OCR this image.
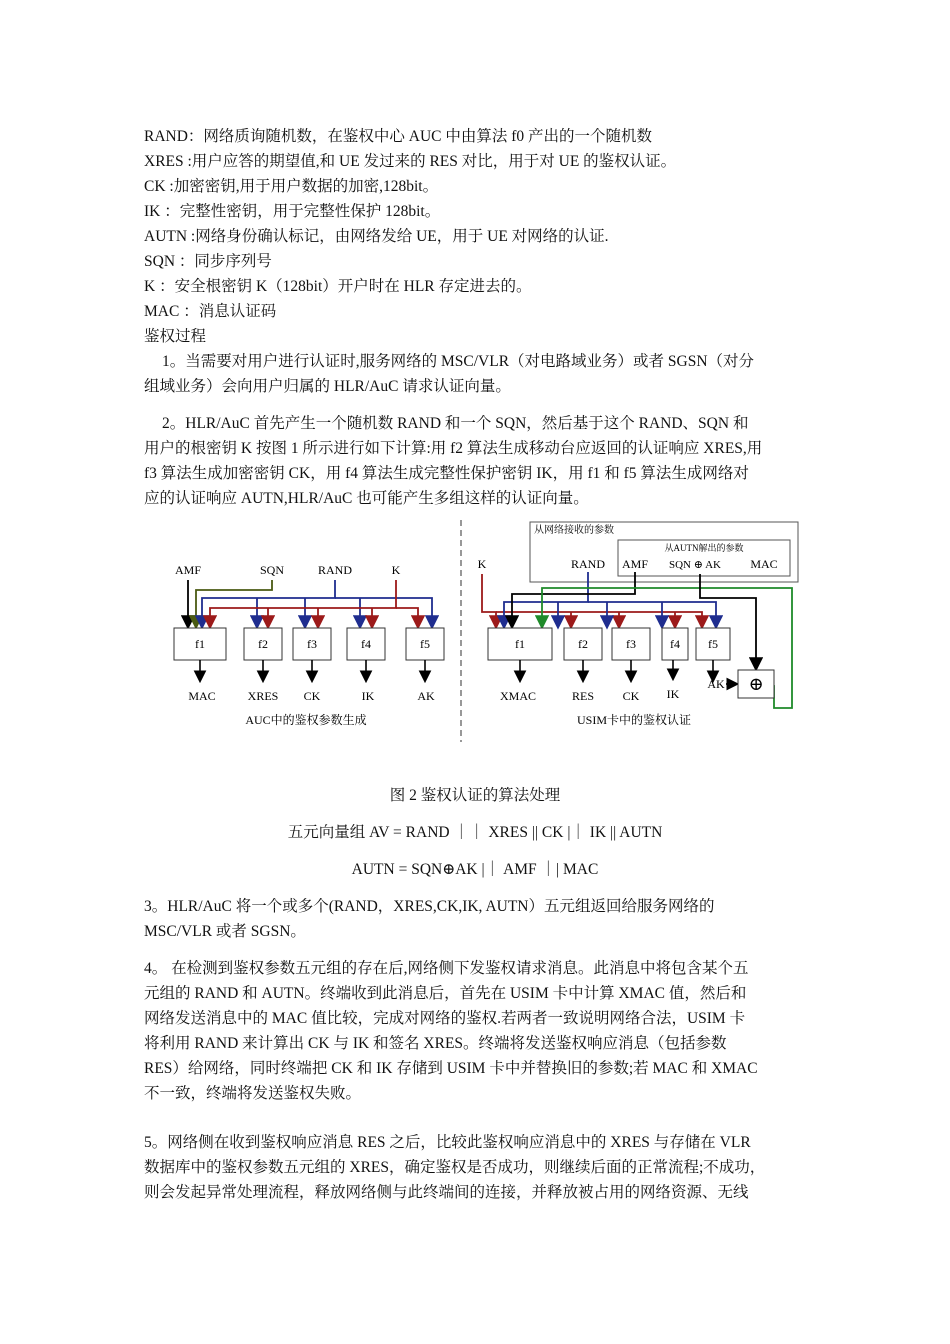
RAND：网络质询随机数，在鉴权中心 AUC 中由算法 f0 产出的一个随机数
XRES :用户应答的期望值,和 UE 发过来的 RES 对比，用于对 UE 的鉴权认证。
CK :加密密钥,用于用户数据的加密,128bit。
IK ：完整性密钥，用于完整性保护 128bit。
AUTN :网络身份确认标记，由网络发给 UE，用于 UE 对网络的认证.
SQN ：同步序列号
K ：安全根密钥 K（128bit）开户时在 HLR 存定进去的。
MAC ：消息认证码
鉴权过程
1。当需要对用户进行认证时,服务网络的 MSC/VLR（对电路域业务）或者 SGSN（对分
组域业务）会向用户归属的 HLR/AuC 请求认证向量。
2。HLR/AuC 首先产生一个随机数 RAND 和一个 SQN，然后基于这个 RAND、SQN 和
用户的根密钥 K 按图 1 所示进行如下计算:用 f2 算法生成移动台应返回的认证响应 XRES,用
f3 算法生成加密密钥 CK，用 f4 算法生成完整性保护密钥 IK，用 f1 和 f5 算法生成网络对
应的认证响应 AUTN,HLR/AuC 也可能产生多组这样的认证向量。
AMF	SQN	RAND	K
f1	f2	f3	f4	f5
MAC	XRES CK	IK	AK
AUC中的鉴权参数生成
从网络接收的参数
从AUTN解出的参数
RAND AMF SQN ⊕ AK MAC
K
f1	f2	f3	f4 f5
XMAC	RES CK IK
AK ⊕
USIM卡中的鉴权认证
图 2 鉴权认证的算法处理
五元向量组 AV = RAND ｜｜ XRES || CK |｜ IK || AUTN
AUTN = SQN⊕AK |｜ AMF ｜| MAC
3。HLR/AuC 将一个或多个(RAND，XRES,CK,IK, AUTN）五元组返回给服务网络的
MSC/VLR 或者 SGSN。
4。 在检测到鉴权参数五元组的存在后,网络侧下发鉴权请求消息。此消息中将包含某个五
元组的 RAND 和 AUTN。终端收到此消息后，首先在 USIM 卡中计算 XMAC 值，然后和
网络发送消息中的 MAC 值比较，完成对网络的鉴权.若两者一致说明网络合法，USIM 卡
将利用 RAND 来计算出 CK 与 IK 和签名 XRES。终端将发送鉴权响应消息（包括参数
RES）给网络，同时终端把 CK 和 IK 存储到 USIM 卡中并替换旧的参数;若 MAC 和 XMAC
不一致，终端将发送鉴权失败。
5。网络侧在收到鉴权响应消息 RES 之后，比较此鉴权响应消息中的 XRES 与存储在 VLR
数据库中的鉴权参数五元组的 XRES，确定鉴权是否成功，则继续后面的正常流程;不成功，
则会发起异常处理流程，释放网络侧与此终端间的连接，并释放被占用的网络资源、无线
